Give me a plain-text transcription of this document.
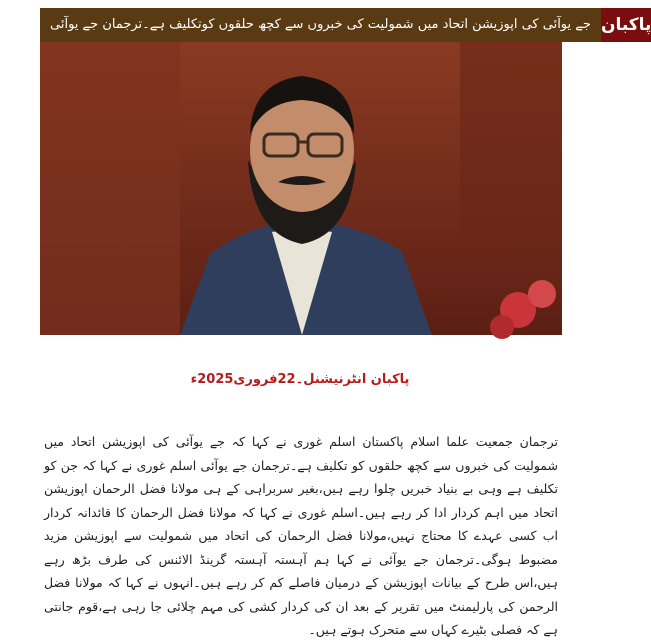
جے یوآئی کی اپوزیشن اتحاد میں شمولیت کی خبروں سے کچھ حلقوں کوتکلیف ہے۔ترجمان جے یوآئی پاکبان
پاکبان انٹرنیشنل۔22فروری2025ء

ترجمان جمعیت علما اسلام پاکستان اسلم غوری نے کہا کہ جے یوآئی کی اپوزیشن اتحاد میں شمولیت کی خبروں سے کچھ حلقوں کو تکلیف ہے۔ترجمان جے یوآئی اسلم غوری نے کہا کہ جن کو تکلیف ہے وہی بے بنیاد خبریں چلوا رہے ہیں،بغیر سربراہی کے ہی مولانا فضل الرحمان اپوزیشن اتحاد میں اہم کردار ادا کر رہے ہیں۔اسلم غوری نے کہا کہ مولانا فضل الرحمان کا قائدانہ کردار اب کسی عہدے کا محتاج نہیں،مولانا فضل الرحمان کی اتحاد میں شمولیت سے اپوزیشن مزید مضبوط ہوگی۔ترجمان جے یوآئی نے کہا ہم آہستہ آہستہ گرینڈ الائنس کی طرف بڑھ رہے ہیں،اس طرح کے بیانات اپوزیشن کے درمیان فاصلے کم کر رہے ہیں۔انہوں نے کہا کہ مولانا فضل الرحمن کی پارلیمنٹ میں تقریر کے بعد ان کی کردار کشی کی مہم چلائی جا رہی ہے،قوم جانتی ہے کہ فصلی بٹیرے کہاں سے متحرک ہوتے ہیں۔
